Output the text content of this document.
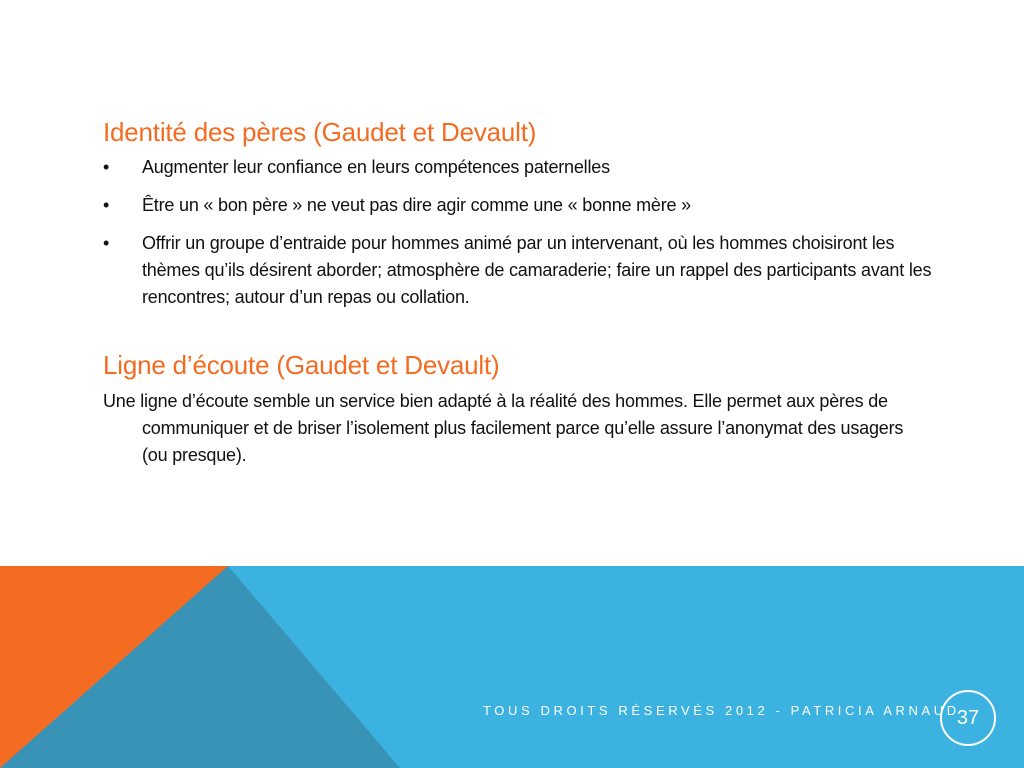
Identité des pères (Gaudet et Devault)
• Augmenter leur confiance en leurs compétences paternelles
• Être un « bon père » ne veut pas dire agir comme une « bonne mère »
• Offrir un groupe d’entraide pour hommes animé par un intervenant, où les hommes choisiront les thèmes qu’ils désirent aborder; atmosphère de camaraderie; faire un rappel des participants avant les rencontres; autour d’un repas ou collation.
Ligne d’écoute (Gaudet et Devault)

Une ligne d’écoute semble un service bien adapté à la réalité des hommes. Elle permet aux pères de communiquer et de briser l’isolement plus facilement parce qu’elle assure l’anonymat des usagers (ou presque).

TOUS DROITS RÉSERVÉS 2012 - PATRICIA ARNAUD
37
